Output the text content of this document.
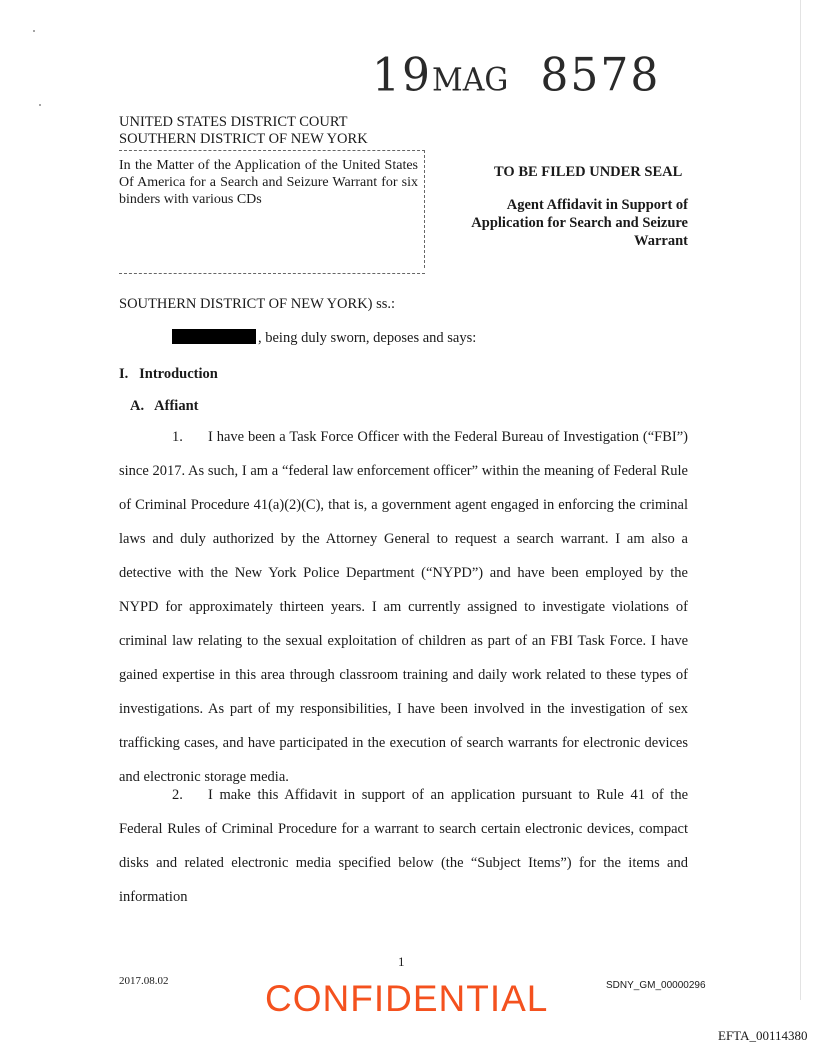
19MAG 8578
UNITED STATES DISTRICT COURT
SOUTHERN DISTRICT OF NEW YORK
In the Matter of the Application of the United States Of America for a Search and Seizure Warrant for six binders with various CDs
TO BE FILED UNDER SEAL
Agent Affidavit in Support of Application for Search and Seizure Warrant
SOUTHERN DISTRICT OF NEW YORK) ss.:
, being duly sworn, deposes and says:
I.   Introduction
A.   Affiant
1. I have been a Task Force Officer with the Federal Bureau of Investigation (“FBI”) since 2017. As such, I am a “federal law enforcement officer” within the meaning of Federal Rule of Criminal Procedure 41(a)(2)(C), that is, a government agent engaged in enforcing the criminal laws and duly authorized by the Attorney General to request a search warrant. I am also a detective with the New York Police Department (“NYPD”) and have been employed by the NYPD for approximately thirteen years. I am currently assigned to investigate violations of criminal law relating to the sexual exploitation of children as part of an FBI Task Force. I have gained expertise in this area through classroom training and daily work related to these types of investigations. As part of my responsibilities, I have been involved in the investigation of sex trafficking cases, and have participated in the execution of search warrants for electronic devices and electronic storage media.
2. I make this Affidavit in support of an application pursuant to Rule 41 of the Federal Rules of Criminal Procedure for a warrant to search certain electronic devices, compact disks and related electronic media specified below (the “Subject Items”) for the items and information
1
2017.08.02	CONFIDENTIAL	SDNY_GM_00000296
EFTA_00114380
